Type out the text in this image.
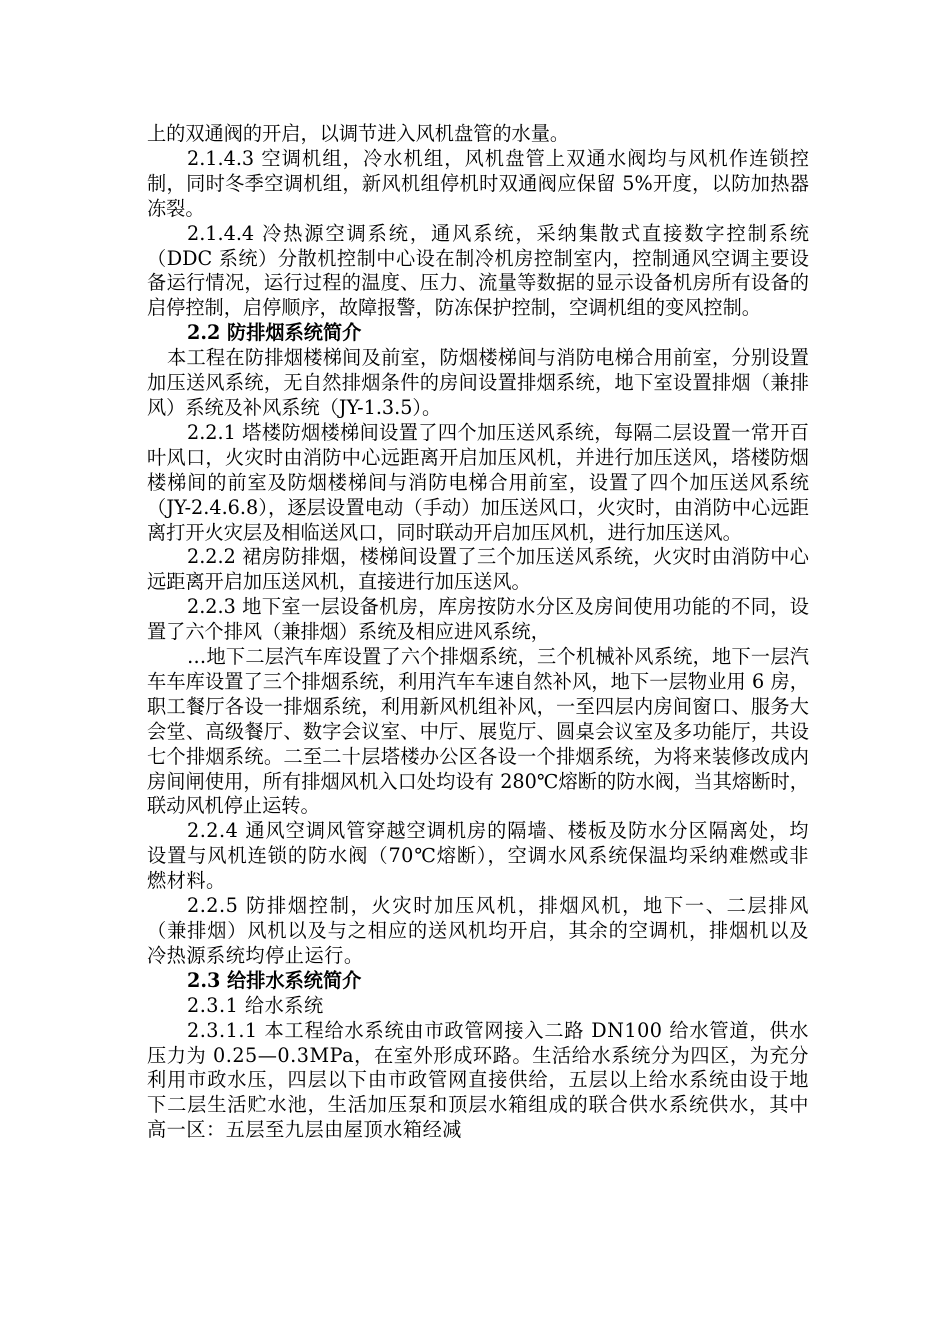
上的双通阀的开启，以调节进入风机盘管的水量。

2.1.4.3 空调机组，冷水机组，风机盘管上双通水阀均与风机作连锁控制，同时冬季空调机组，新风机组停机时双通阀应保留 5%开度，以防加热器冻裂。

2.1.4.4 冷热源空调系统，通风系统，采纳集散式直接数字控制系统（DDC 系统）分散机控制中心设在制冷机房控制室内，控制通风空调主要设备运行情况，运行过程的温度、压力、流量等数据的显示设备机房所有设备的启停控制，启停顺序，故障报警，防冻保护控制，空调机组的变风控制。

2.2 防排烟系统简介

本工程在防排烟楼梯间及前室，防烟楼梯间与消防电梯合用前室，分别设置加压送风系统，无自然排烟条件的房间设置排烟系统，地下室设置排烟（兼排风）系统及补风系统（JY-1.3.5）。

2.2.1 塔楼防烟楼梯间设置了四个加压送风系统，每隔二层设置一常开百叶风口，火灾时由消防中心远距离开启加压风机，并进行加压送风，塔楼防烟楼梯间的前室及防烟楼梯间与消防电梯合用前室，设置了四个加压送风系统（JY-2.4.6.8），逐层设置电动（手动）加压送风口，火灾时，由消防中心远距离打开火灾层及相临送风口，同时联动开启加压风机，进行加压送风。

2.2.2 裙房防排烟，楼梯间设置了三个加压送风系统，火灾时由消防中心远距离开启加压送风机，直接进行加压送风。

2.2.3 地下室一层设备机房，库房按防水分区及房间使用功能的不同，设置了六个排风（兼排烟）系统及相应进风系统，

…地下二层汽车库设置了六个排烟系统，三个机械补风系统，地下一层汽车车库设置了三个排烟系统，利用汽车车速自然补风，地下一层物业用 6 房，职工餐厅各设一排烟系统，利用新风机组补风，一至四层内房间窗口、服务大会堂、高级餐厅、数字会议室、中厅、展览厅、圆桌会议室及多功能厅，共设七个排烟系统。二至二十层塔楼办公区各设一个排烟系统，为将来装修改成内房间闸使用，所有排烟风机入口处均设有 280℃熔断的防水阀，当其熔断时，联动风机停止运转。

2.2.4 通风空调风管穿越空调机房的隔墙、楼板及防水分区隔离处，均设置与风机连锁的防水阀（70℃熔断），空调水风系统保温均采纳难燃或非燃材料。

2.2.5 防排烟控制，火灾时加压风机，排烟风机，地下一、二层排风（兼排烟）风机以及与之相应的送风机均开启，其余的空调机，排烟机以及冷热源系统均停止运行。

2.3 给排水系统简介

2.3.1 给水系统

2.3.1.1 本工程给水系统由市政管网接入二路 DN100 给水管道，供水压力为 0.25—0.3MPa，在室外形成环路。生活给水系统分为四区，为充分利用市政水压，四层以下由市政管网直接供给，五层以上给水系统由设于地下二层生活贮水池，生活加压泵和顶层水箱组成的联合供水系统供水，其中高一区：五层至九层由屋顶水箱经减
